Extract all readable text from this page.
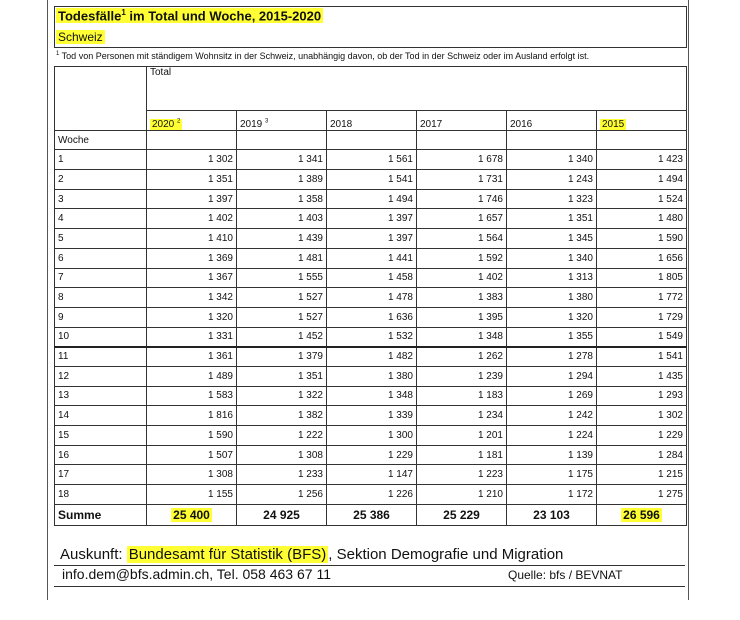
Todesfälle$^1$ im Total und Woche, 2015-2020
Schweiz
$^1$ Tod von Personen mit ständigem Wohnsitz in der Schweiz, unabhängig davon, ob der Tod in der Schweiz oder im Ausland erfolgt ist.
	Total					
	2020 $^2$	2019 $^3$	2018	2017	2016	2015
Woche						
1	1 302	1 341	1 561	1 678	1 340	1 423
2	1 351	1 389	1 541	1 731	1 243	1 494
3	1 397	1 358	1 494	1 746	1 323	1 524
4	1 402	1 403	1 397	1 657	1 351	1 480
5	1 410	1 439	1 397	1 564	1 345	1 590
6	1 369	1 481	1 441	1 592	1 340	1 656
7	1 367	1 555	1 458	1 402	1 313	1 805
8	1 342	1 527	1 478	1 383	1 380	1 772
9	1 320	1 527	1 636	1 395	1 320	1 729
10	1 331	1 452	1 532	1 348	1 355	1 549
11	1 361	1 379	1 482	1 262	1 278	1 541
12	1 489	1 351	1 380	1 239	1 294	1 435
13	1 583	1 322	1 348	1 183	1 269	1 293
14	1 816	1 382	1 339	1 234	1 242	1 302
15	1 590	1 222	1 300	1 201	1 224	1 229
16	1 507	1 308	1 229	1 181	1 139	1 284
17	1 308	1 233	1 147	1 223	1 175	1 215
18	1 155	1 256	1 226	1 210	1 172	1 275
Summe	25 400	24 925	25 386	25 229	23 103	26 596
Auskunft: Bundesamt für Statistik (BFS) , Sektion Demografie und Migration
info.dem@bfs.admin.ch, Tel. 058 463 67 11	Quelle: bfs / BEVNAT
